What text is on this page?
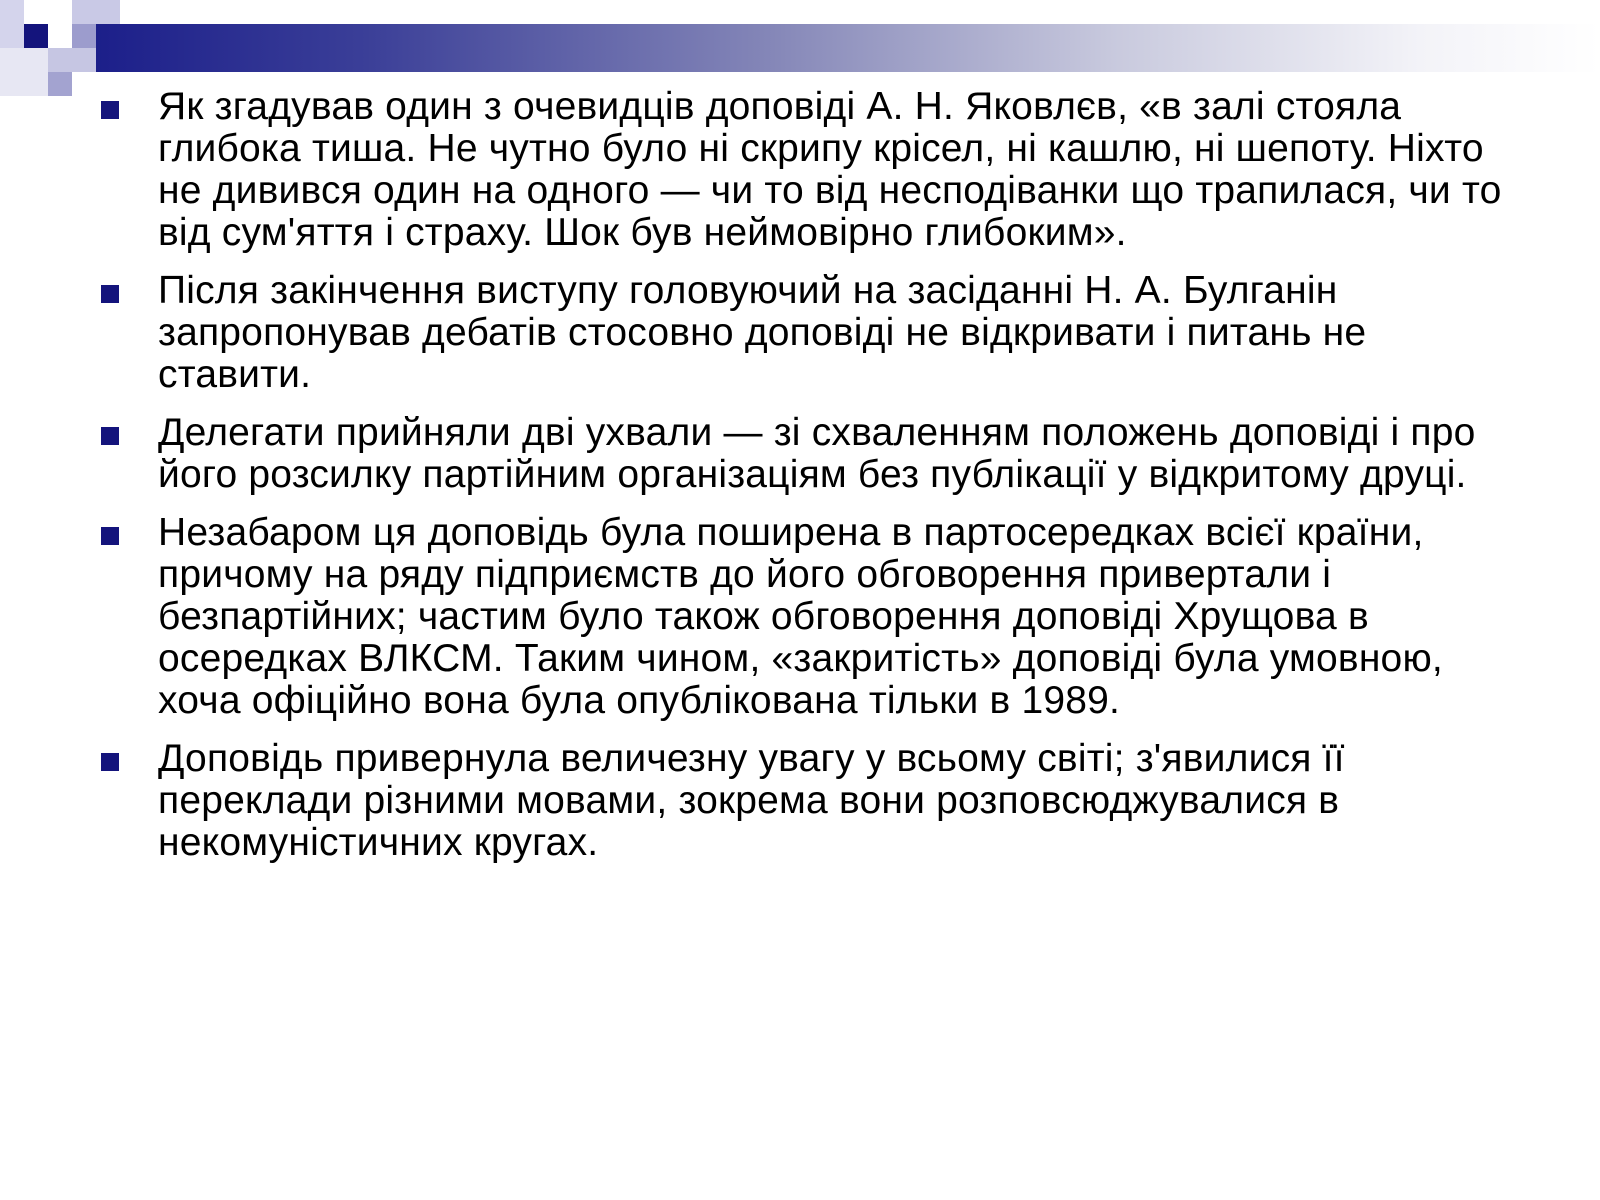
Як згадував один з очевидців доповіді А. Н. Яковлєв, «в залі стояла глибока тиша. Не чутно було ні скрипу крісел, ні кашлю, ні шепоту. Ніхто не дивився один на одного — чи то від несподіванки що трапилася, чи то від сум'яття і страху. Шок був неймовірно глибоким».
Після закінчення виступу головуючий на засіданні Н. А. Булганін запропонував дебатів стосовно доповіді не відкривати і питань не ставити.
Делегати прийняли дві ухвали — зі схваленням положень доповіді і про його розсилку партійним організаціям без публікації у відкритому друці.
Незабаром ця доповідь була поширена в партосередках всієї країни, причому на ряду підприємств до його обговорення привертали і безпартійних; частим було також обговорення доповіді Хрущова в осередках ВЛКСМ. Таким чином, «закритість» доповіді була умовною, хоча офіційно вона була опублікована тільки в 1989.
Доповідь привернула величезну увагу у всьому світі; з'явилися її переклади різними мовами, зокрема вони розповсюджувалися в некомуністичних кругах.
